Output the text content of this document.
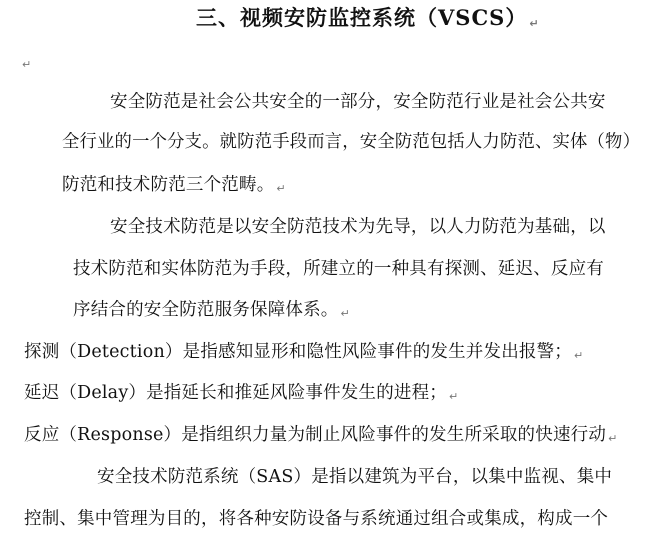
三、视频安防监控系统（VSCS） ↵
↵
安全防范是社会公共安全的一部分，安全防范行业是社会公共安
全行业的一个分支。就防范手段而言，安全防范包括人力防范、实体（物）
防范和技术防范三个范畴。 ↵
安全技术防范是以安全防范技术为先导，以人力防范为基础，以
技术防范和实体防范为手段，所建立的一种具有探测、延迟、反应有
序结合的安全防范服务保障体系。 ↵
探测（Detection）是指感知显形和隐性风险事件的发生并发出报警； ↵
延迟（Delay）是指延长和推延风险事件发生的进程； ↵
反应（Response）是指组织力量为制止风险事件的发生所采取的快速行动 ↵
安全技术防范系统（SAS）是指以建筑为平台，以集中监视、集中
控制、集中管理为目的，将各种安防设备与系统通过组合或集成，构成一个
